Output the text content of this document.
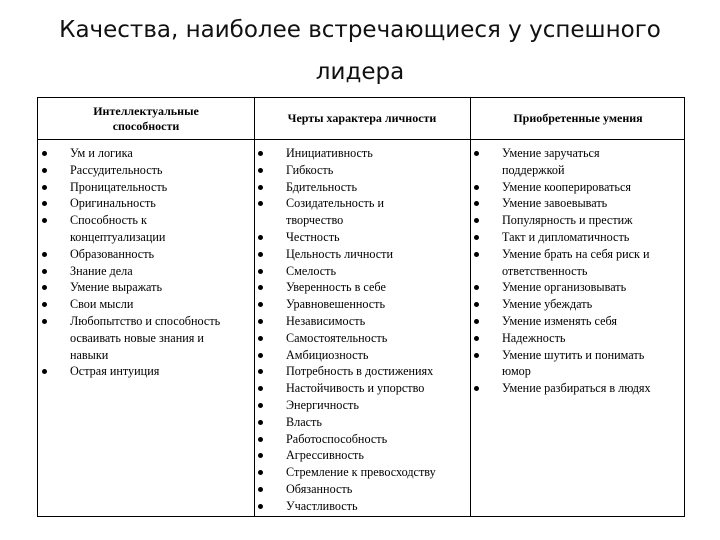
Качества, наиболее встречающиеся у успешного
лидера
Интеллектуальные способности
Черты характера личности	Приобретенные умения
Ум и логика
Рассудительность
Проницательность
Оригинальность
Способность к концептуализации
Образованность
Знание дела
Умение выражать
Свои мысли
Любопытство и способность осваивать новые знания и навыки
Острая интуиция
Инициативность
Гибкость
Бдительность
Созидательность и творчество
Честность
Цельность личности
Смелость
Уверенность в себе
Уравновешенность
Независимость
Самостоятельность
Амбициозность
Потребность в достижениях
Настойчивость и упорство
Энергичность
Власть
Работоспособность
Агрессивность
Стремление к превосходству
Обязанность
Участливость
Умение заручаться поддержкой
Умение кооперироваться
Умение завоевывать
Популярность и престиж
Такт и дипломатичность
Умение брать на себя риск и ответственность
Умение организовывать
Умение убеждать
Умение изменять себя
Надежность
Умение шутить и понимать юмор
Умение разбираться в людях
